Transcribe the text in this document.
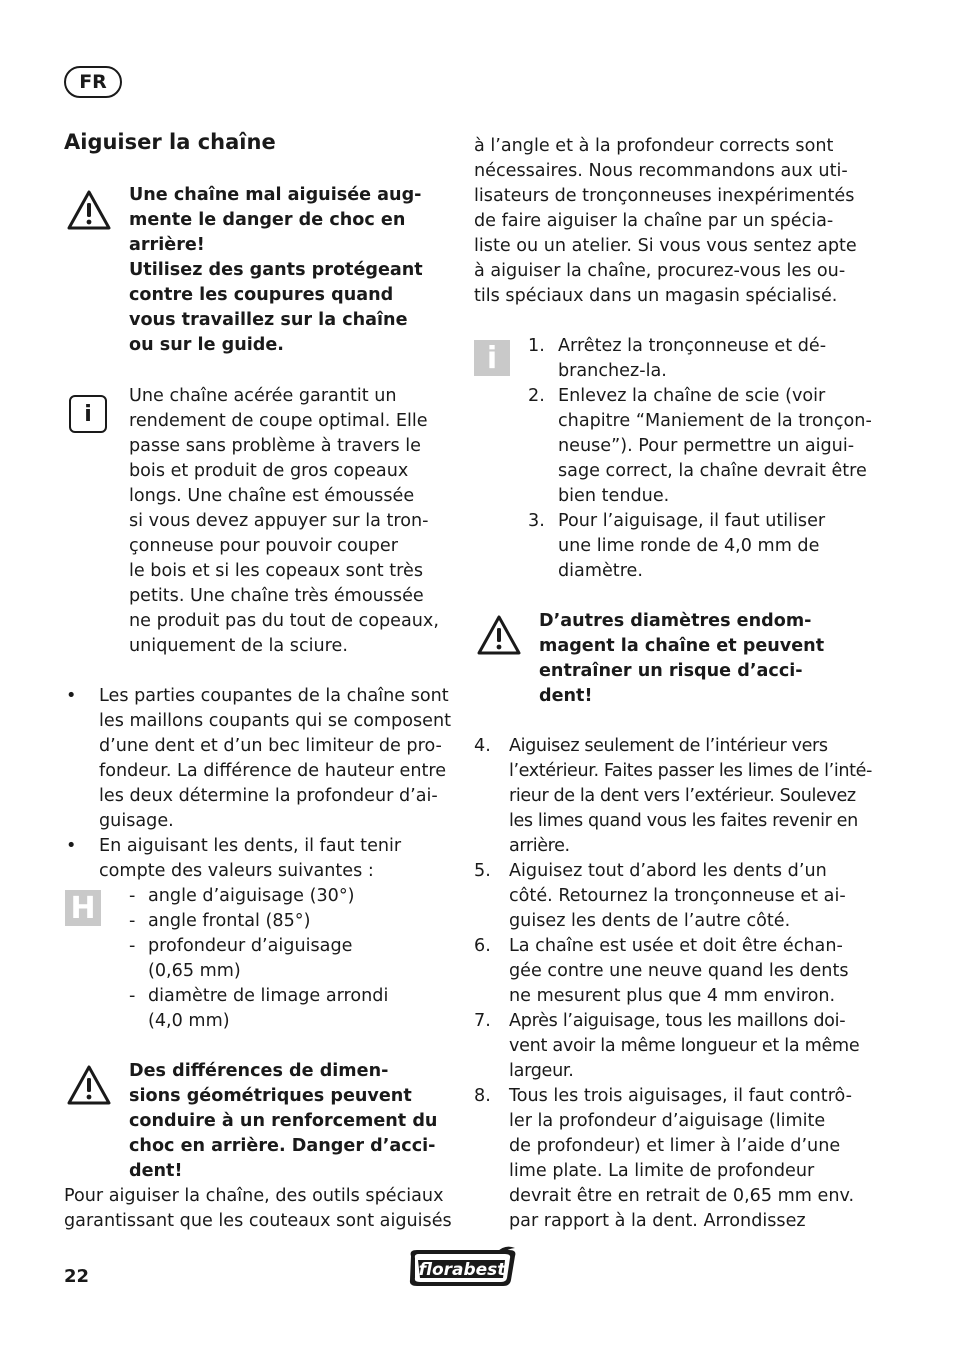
FR
Aiguiser la chaîne
Une chaîne mal aiguisée aug-
mente le danger de choc en
arrière!
Utilisez des gants protégeant
contre les coupures quand
vous travaillez sur la chaîne
ou sur le guide.
i
Une chaîne acérée garantit un
rendement de coupe optimal. Elle
passe sans problème à travers le
bois et produit de gros copeaux
longs. Une chaîne est émoussée
si vous devez appuyer sur la tron-
çonneuse pour pouvoir couper
le bois et si les copeaux sont très
petits. Une chaîne très émoussée
ne produit pas du tout de copeaux,
uniquement de la sciure.
• Les parties coupantes de la chaîne sont
les maillons coupants qui se composent
d’une dent et d’un bec limiteur de pro-
fondeur. La différence de hauteur entre
les deux détermine la profondeur d’ai-
guisage.
• En aiguisant les dents, il faut tenir
compte des valeurs suivantes :
H	- angle d’aiguisage (30°)
- angle frontal (85°)
- profondeur d’aiguisage
(0,65 mm)
- diamètre de limage arrondi
(4,0 mm)
Des différences de dimen-
sions géométriques peuvent
conduire à un renforcement du
choc en arrière. Danger d’acci-
dent!
Pour aiguiser la chaîne, des outils spéciaux
garantissant que les couteaux sont aiguisés
à l’angle et à la profondeur corrects sont
nécessaires. Nous recommandons aux uti-
lisateurs de tronçonneuses inexpérimentés
de faire aiguiser la chaîne par un spécia-
liste ou un atelier. Si vous vous sentez apte
à aiguiser la chaîne, procurez-vous les ou-
tils spéciaux dans un magasin spécialisé.
i	1. Arrêtez la tronçonneuse et dé-
branchez-la.
2. Enlevez la chaîne de scie (voir
chapitre “Maniement de la tronçon-
neuse”). Pour permettre un aigui-
sage correct, la chaîne devrait être
bien tendue.
3. Pour l’aiguisage, il faut utiliser
une lime ronde de 4,0 mm de
diamètre.
D’autres diamètres endom-
magent la chaîne et peuvent
entraîner un risque d’acci-
dent!
4. Aiguisez seulement de l’intérieur vers
l’extérieur. Faites passer les limes de l’inté-
rieur de la dent vers l’extérieur. Soulevez
les limes quand vous les faites revenir en
arrière.
5. Aiguisez tout d’abord les dents d’un
côté. Retournez la tronçonneuse et ai-
guisez les dents de l’autre côté.
6. La chaîne est usée et doit être échan-
gée contre une neuve quand les dents
ne mesurent plus que 4 mm environ.
7. Après l’aiguisage, tous les maillons doi-
vent avoir la même longueur et la même
largeur.
8. Tous les trois aiguisages, il faut contrô-
ler la profondeur d’aiguisage (limite
de profondeur) et limer à l’aide d’une
lime plate. La limite de profondeur
devrait être en retrait de 0,65 mm env.
par rapport à la dent. Arrondissez
22	florabest
